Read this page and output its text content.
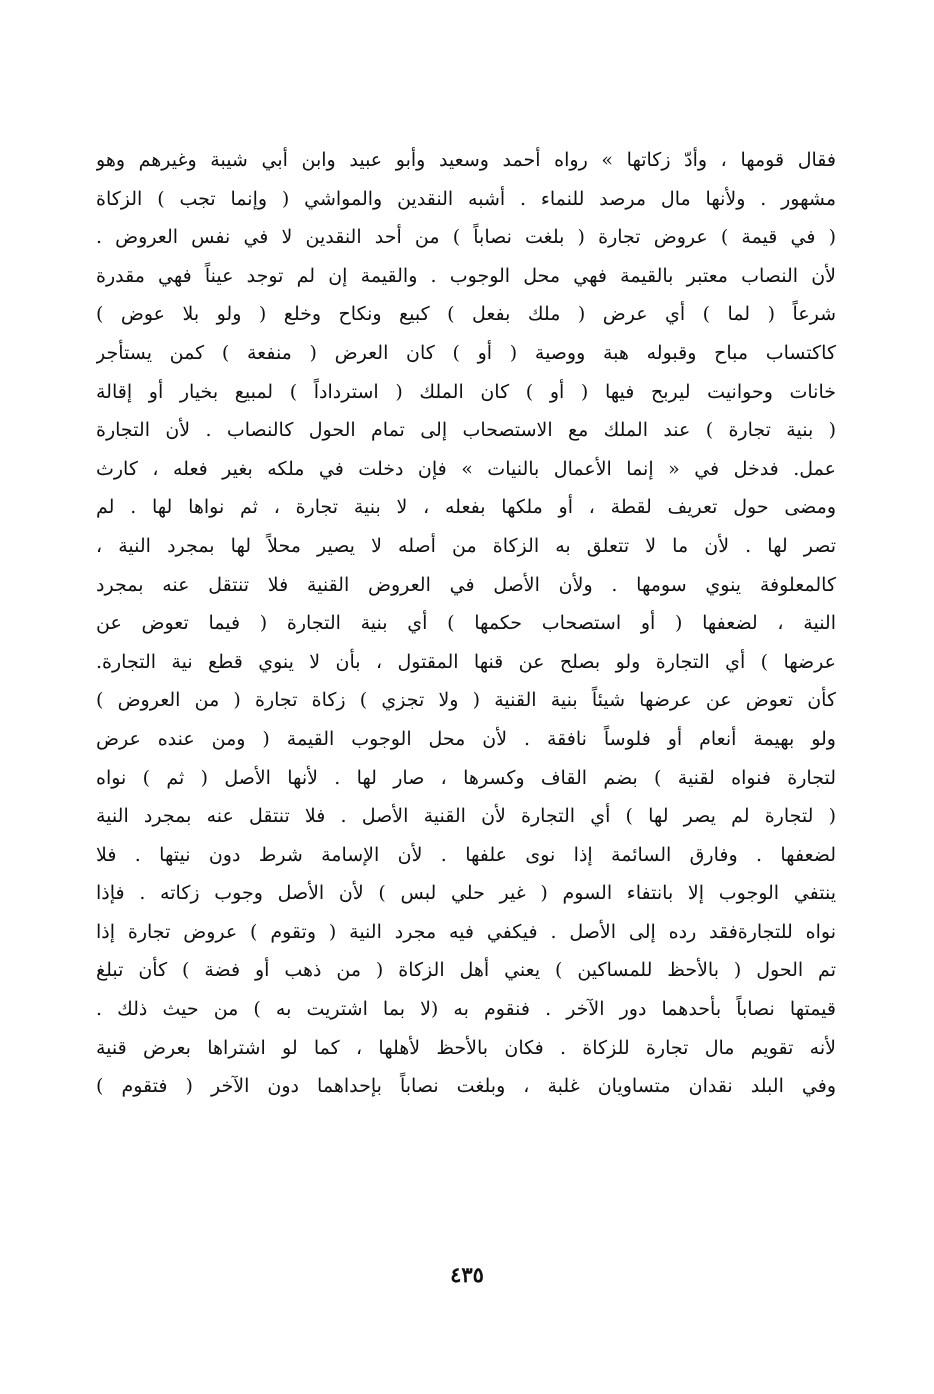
فقال قومها ، وأدّ زكاتها » رواه أحمد وسعيد وأبو عبيد وابن أبي شيبة وغيرهم وهو
مشهور . ولأنها مال مرصد للنماء . أشبه النقدين والمواشي ( وإنما تجب ) الزكاة
( في قيمة ) عروض تجارة ( بلغت نصاباً ) من أحد النقدين لا في نفس العروض .
لأن النصاب معتبر بالقيمة فهي محل الوجوب . والقيمة إن لم توجد عيناً فهي مقدرة
شرعاً ( لما ) أي عرض ( ملك بفعل ) كبيع ونكاح وخلع ( ولو بلا عوض )
كاكتساب مباح وقبوله هبة ووصية ( أو ) كان العرض ( منفعة ) كمن يستأجر
خانات وحوانيت ليربح فيها ( أو ) كان الملك ( استرداداً ) لمبيع بخيار أو إقالة
( بنية تجارة ) عند الملك مع الاستصحاب إلى تمام الحول كالنصاب . لأن التجارة
عمل. فدخل في « إنما الأعمال بالنيات » فإن دخلت في ملكه بغير فعله ، كارث
ومضى حول تعريف لقطة ، أو ملكها بفعله ، لا بنية تجارة ، ثم نواها لها . لم
تصر لها . لأن ما لا تتعلق به الزكاة من أصله لا يصير محلاً لها بمجرد النية ،
كالمعلوفة ينوي سومها . ولأن الأصل في العروض القنية فلا تنتقل عنه بمجرد
النية ، لضعفها ( أو استصحاب حكمها ) أي بنية التجارة ( فيما تعوض عن
عرضها ) أي التجارة ولو بصلح عن قنها المقتول ، بأن لا ينوي قطع نية التجارة.
كأن تعوض عن عرضها شيئاً بنية القنية ( ولا تجزي ) زكاة تجارة ( من العروض )
ولو بهيمة أنعام أو فلوساً نافقة . لأن محل الوجوب القيمة ( ومن عنده عرض
لتجارة فنواه لقنية ) بضم القاف وكسرها ، صار لها . لأنها الأصل ( ثم ) نواه
( لتجارة لم يصر لها ) أي التجارة لأن القنية الأصل . فلا تنتقل عنه بمجرد النية
لضعفها . وفارق السائمة إذا نوى علفها . لأن الإسامة شرط دون نيتها . فلا
ينتفي الوجوب إلا بانتفاء السوم ( غير حلي لبس ) لأن الأصل وجوب زكاته . فإذا
نواه للتجارةفقد رده إلى الأصل . فيكفي فيه مجرد النية ( وتقوم ) عروض تجارة إذا
تم الحول ( بالأحظ للمساكين ) يعني أهل الزكاة ( من ذهب أو فضة ) كأن تبلغ
قيمتها نصاباً بأحدهما دور الآخر . فنقوم به (لا بما اشتريت به ) من حيث ذلك .
لأنه تقويم مال تجارة للزكاة . فكان بالأحظ لأهلها ، كما لو اشتراها بعرض قنية
وفي البلد نقدان متساويان غلبة ، وبلغت نصاباً بإحداهما دون الآخر ( فتقوم )
٤٣٥
